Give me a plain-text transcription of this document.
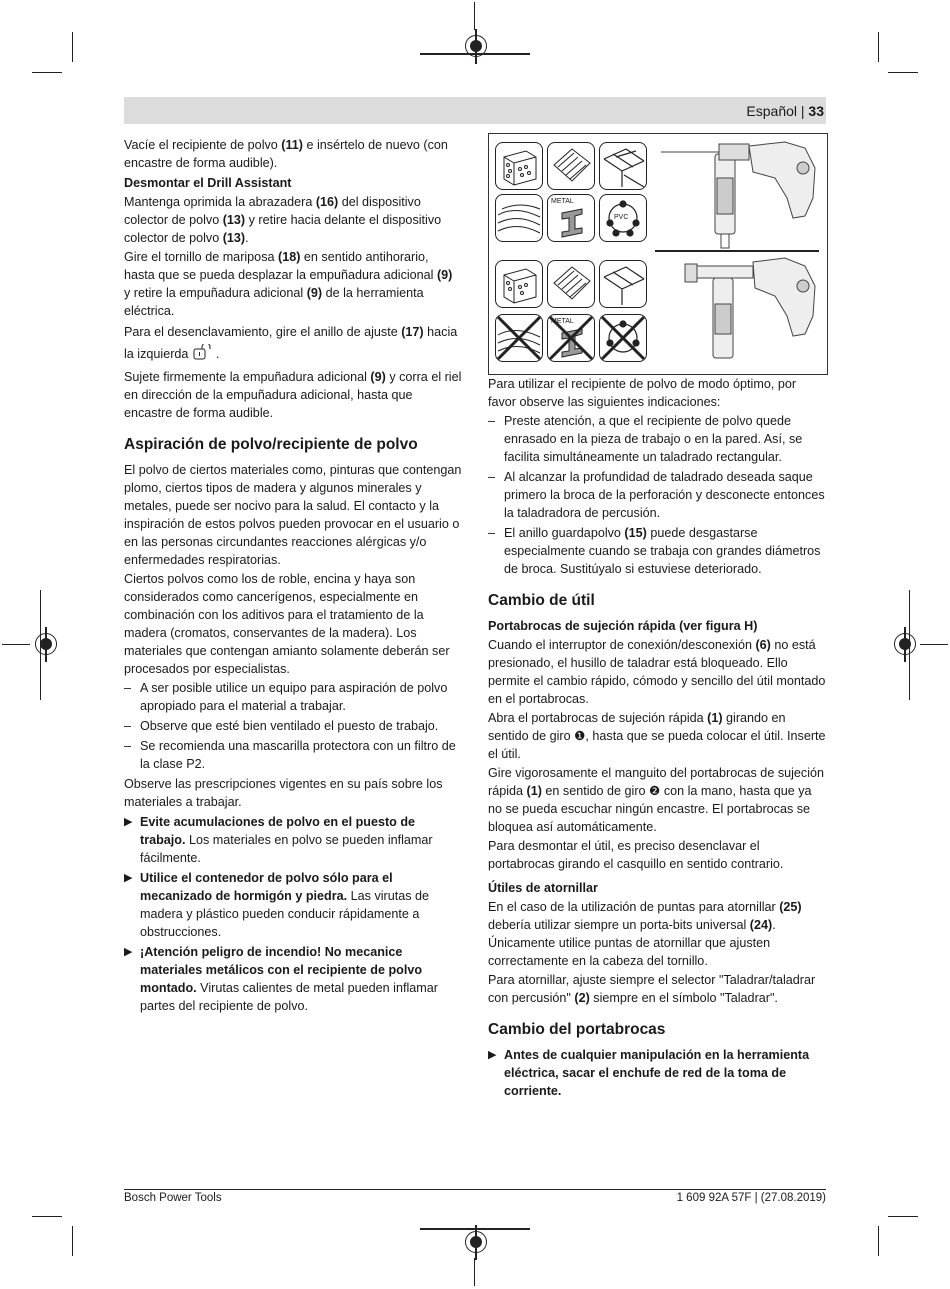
Español | 33

Vacíe el recipiente de polvo (11) e insértelo de nuevo (con encastre de forma audible).

Desmontar el Drill Assistant

Mantenga oprimida la abrazadera (16) del dispositivo colector de polvo (13) y retire hacia delante el dispositivo colector de polvo (13).

Gire el tornillo de mariposa (18) en sentido antihorario, hasta que se pueda desplazar la empuñadura adicional (9) y retire la empuñadura adicional (9) de la herramienta eléctrica.

Para el desenclavamiento, gire el anillo de ajuste (17) hacia la izquierda .

Sujete firmemente la empuñadura adicional (9) y corra el riel en dirección de la empuñadura adicional, hasta que encastre de forma audible.

Aspiración de polvo/recipiente de polvo

El polvo de ciertos materiales como, pinturas que contengan plomo, ciertos tipos de madera y algunos minerales y metales, puede ser nocivo para la salud. El contacto y la inspiración de estos polvos pueden provocar en el usuario o en las personas circundantes reacciones alérgicas y/o enfermedades respiratorias.

Ciertos polvos como los de roble, encina y haya son considerados como cancerígenos, especialmente en combinación con los aditivos para el tratamiento de la madera (cromatos, conservantes de la madera). Los materiales que contengan amianto solamente deberán ser procesados por especialistas.

– A ser posible utilice un equipo para aspiración de polvo apropiado para el material a trabajar.
– Observe que esté bien ventilado el puesto de trabajo.
– Se recomienda una mascarilla protectora con un filtro de la clase P2.

Observe las prescripciones vigentes en su país sobre los materiales a trabajar.

▶ Evite acumulaciones de polvo en el puesto de trabajo. Los materiales en polvo se pueden inflamar fácilmente.
▶ Utilice el contenedor de polvo sólo para el mecanizado de hormigón y piedra. Las virutas de madera y plástico pueden conducir rápidamente a obstrucciones.
▶ ¡Atención peligro de incendio! No mecanice materiales metálicos con el recipiente de polvo montado. Virutas calientes de metal pueden inflamar partes del recipiente de polvo.
METAL
PVC
METAL

Para utilizar el recipiente de polvo de modo óptimo, por favor observe las siguientes indicaciones:

– Preste atención, a que el recipiente de polvo quede enrasado en la pieza de trabajo o en la pared. Así, se facilita simultáneamente un taladrado rectangular.
– Al alcanzar la profundidad de taladrado deseada saque primero la broca de la perforación y desconecte entonces la taladradora de percusión.
– El anillo guardapolvo (15) puede desgastarse especialmente cuando se trabaja con grandes diámetros de broca. Sustitúyalo si estuviese deteriorado.
Cambio de útil
Portabrocas de sujeción rápida (ver figura H)

Cuando el interruptor de conexión/desconexión (6) no está presionado, el husillo de taladrar está bloqueado. Ello permite el cambio rápido, cómodo y sencillo del útil montado en el portabrocas.

Abra el portabrocas de sujeción rápida (1) girando en sentido de giro ❶, hasta que se pueda colocar el útil. Inserte el útil.

Gire vigorosamente el manguito del portabrocas de sujeción rápida (1) en sentido de giro ❷ con la mano, hasta que ya no se pueda escuchar ningún encastre. El portabrocas se bloquea así automáticamente.

Para desmontar el útil, es preciso desenclavar el portabrocas girando el casquillo en sentido contrario.

Útiles de atornillar

En el caso de la utilización de puntas para atornillar (25) debería utilizar siempre un porta-bits universal (24). Únicamente utilice puntas de atornillar que ajusten correctamente en la cabeza del tornillo.

Para atornillar, ajuste siempre el selector "Taladrar/taladrar con percusión" (2) siempre en el símbolo "Taladrar".

Cambio del portabrocas
▶ Antes de cualquier manipulación en la herramienta eléctrica, sacar el enchufe de red de la toma de corriente.
Bosch Power Tools	1 609 92A 57F | (27.08.2019)
